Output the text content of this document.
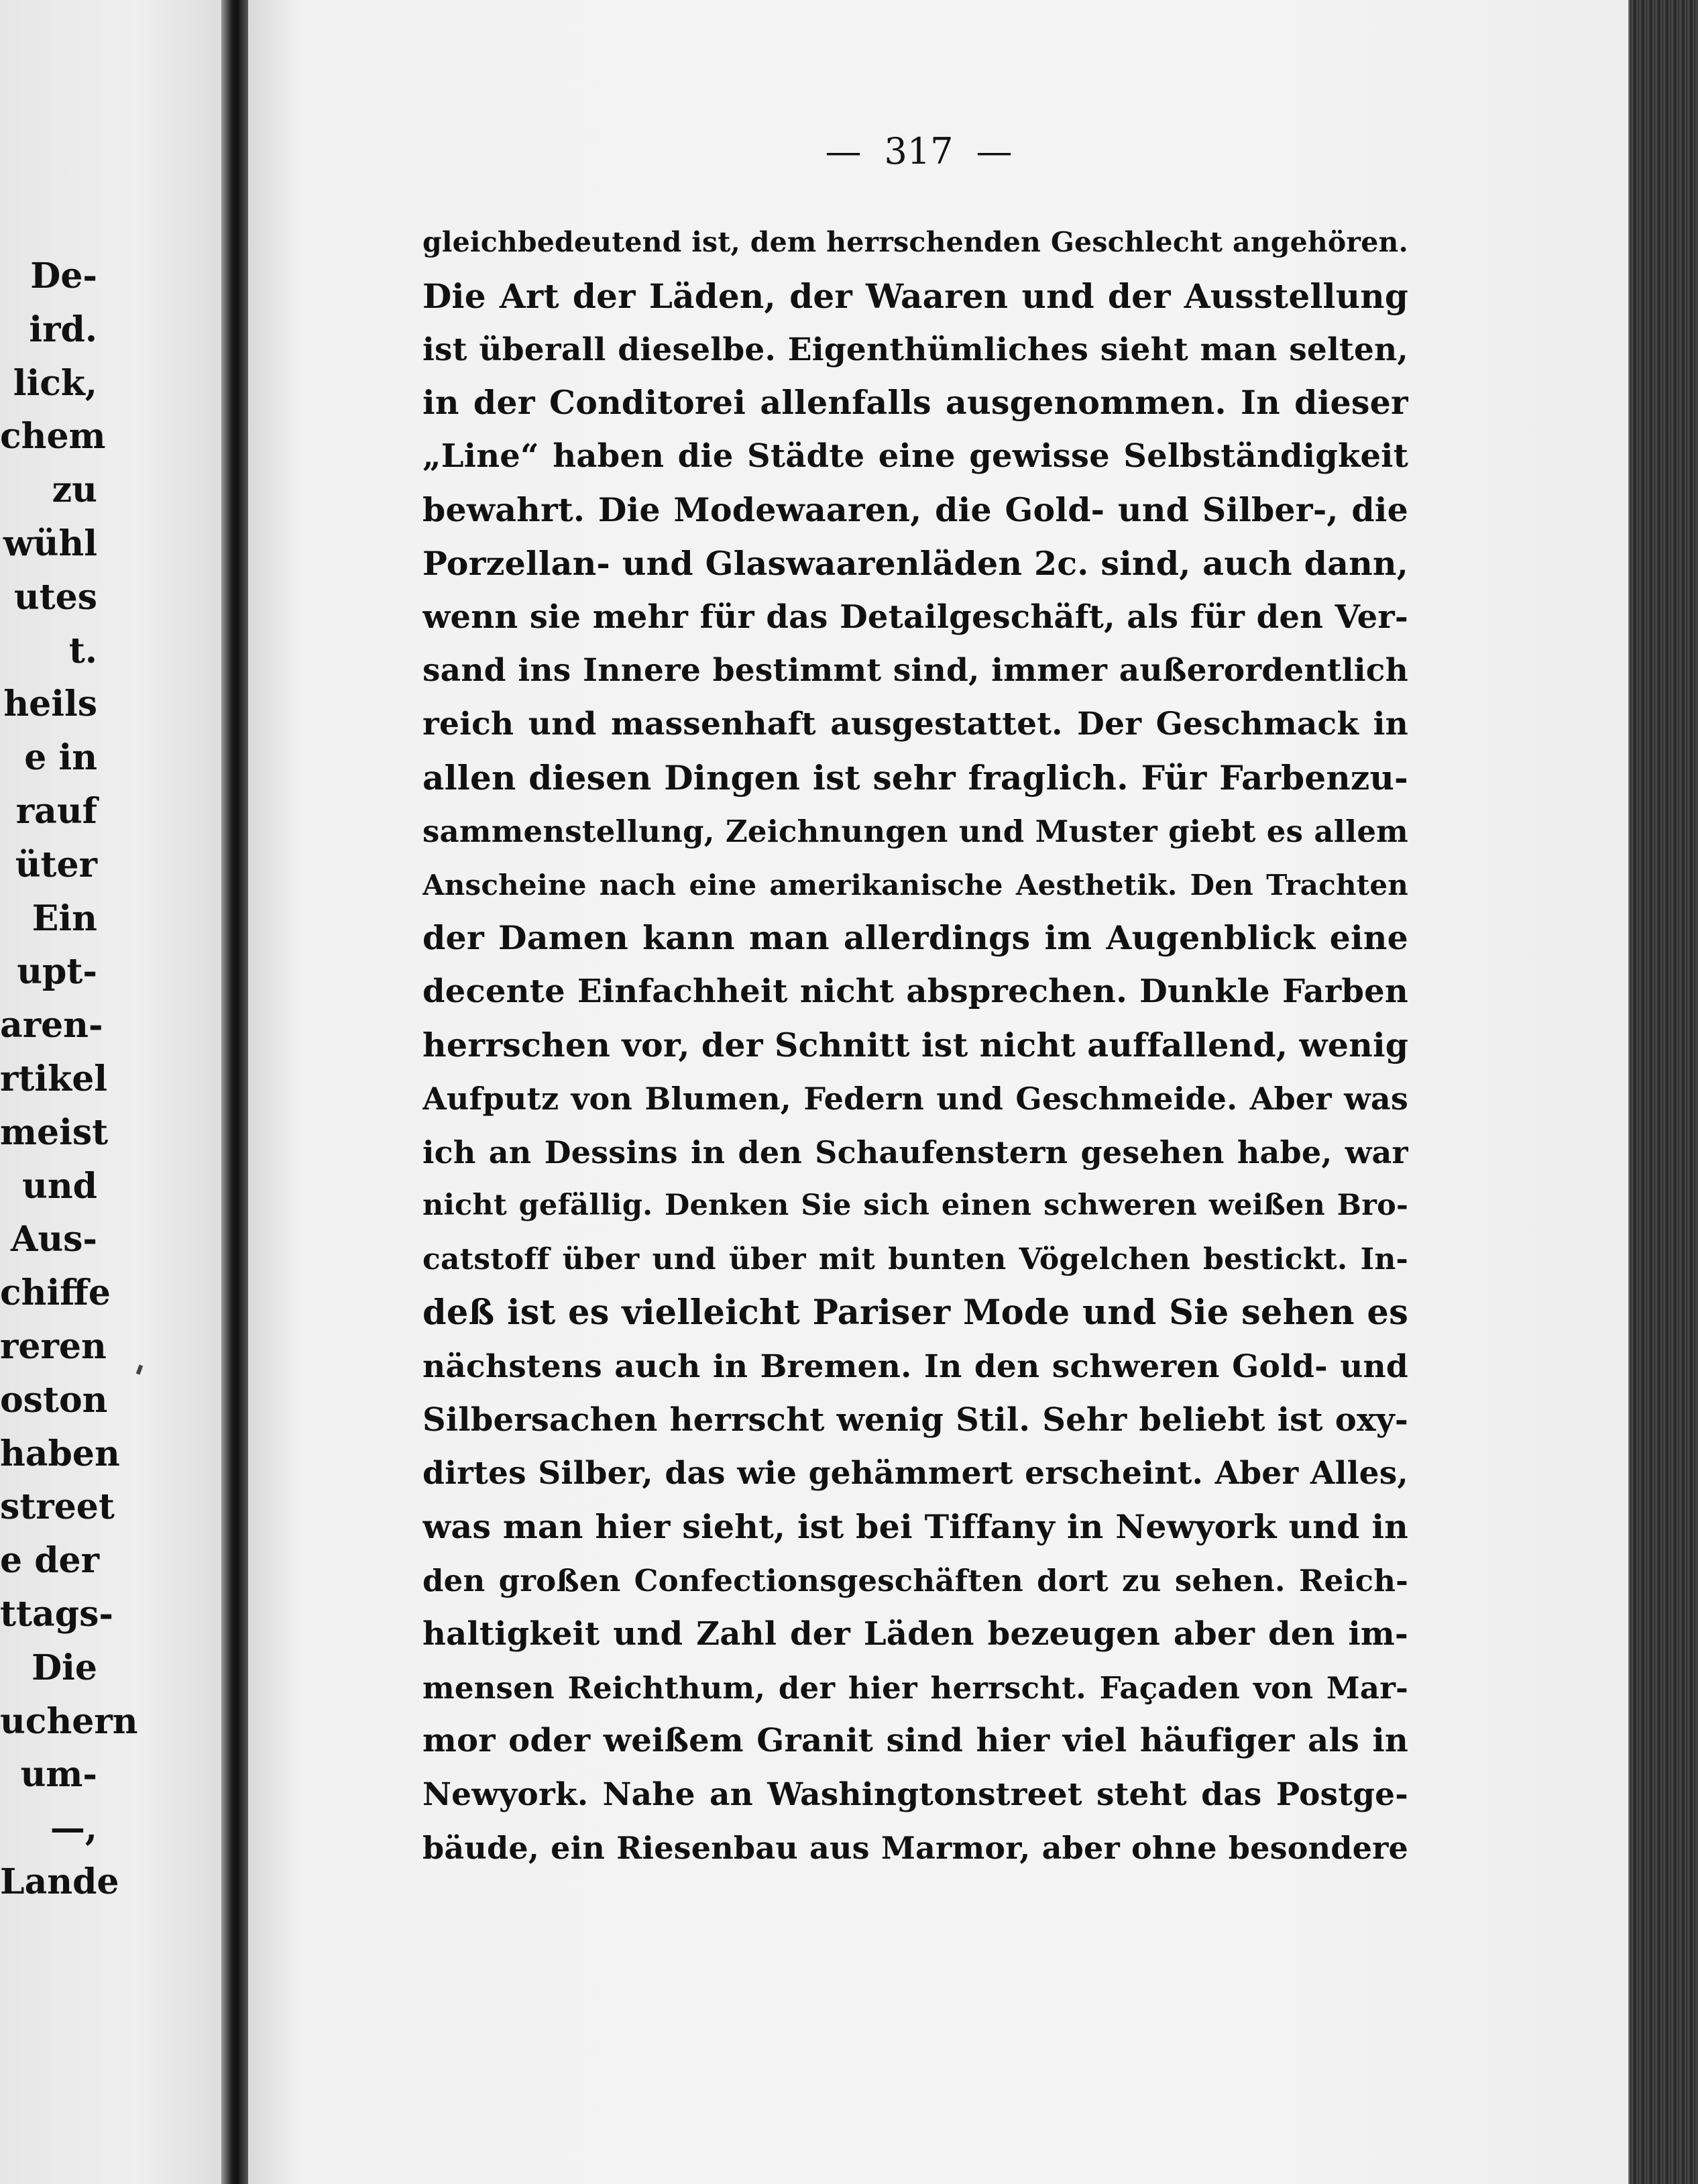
De-
ird.
lick,
chem
zu
wühl
utes
t.
heils
e in
rauf
üter
Ein
upt-
aren-
rtikel
meist
und
Aus-
chiffe
reren
oston
haben
street
e der
ttags-
Die
uchern
um-
—,
Lande
— 317 —
gleichbedeutend ist, dem herrschenden Geschlecht angehören.
Die Art der Läden, der Waaren und der Ausstellung
ist überall dieselbe. Eigenthümliches sieht man selten,
in der Conditorei allenfalls ausgenommen. In dieser
„Line“ haben die Städte eine gewisse Selbständigkeit
bewahrt. Die Modewaaren, die Gold- und Silber-, die
Porzellan- und Glaswaarenläden 2c. sind, auch dann,
wenn sie mehr für das Detailgeschäft, als für den Ver-
sand ins Innere bestimmt sind, immer außerordentlich
reich und massenhaft ausgestattet. Der Geschmack in
allen diesen Dingen ist sehr fraglich. Für Farbenzu-
sammenstellung, Zeichnungen und Muster giebt es allem
Anscheine nach eine amerikanische Aesthetik. Den Trachten
der Damen kann man allerdings im Augenblick eine
decente Einfachheit nicht absprechen. Dunkle Farben
herrschen vor, der Schnitt ist nicht auffallend, wenig
Aufputz von Blumen, Federn und Geschmeide. Aber was
ich an Dessins in den Schaufenstern gesehen habe, war
nicht gefällig. Denken Sie sich einen schweren weißen Bro-
catstoff über und über mit bunten Vögelchen bestickt. In-
deß ist es vielleicht Pariser Mode und Sie sehen es
nächstens auch in Bremen. In den schweren Gold- und
Silbersachen herrscht wenig Stil. Sehr beliebt ist oxy-
dirtes Silber, das wie gehämmert erscheint. Aber Alles,
was man hier sieht, ist bei Tiffany in Newyork und in
den großen Confectionsgeschäften dort zu sehen. Reich-
haltigkeit und Zahl der Läden bezeugen aber den im-
mensen Reichthum, der hier herrscht. Façaden von Mar-
mor oder weißem Granit sind hier viel häufiger als in
Newyork. Nahe an Washingtonstreet steht das Postge-
bäude, ein Riesenbau aus Marmor, aber ohne besondere
